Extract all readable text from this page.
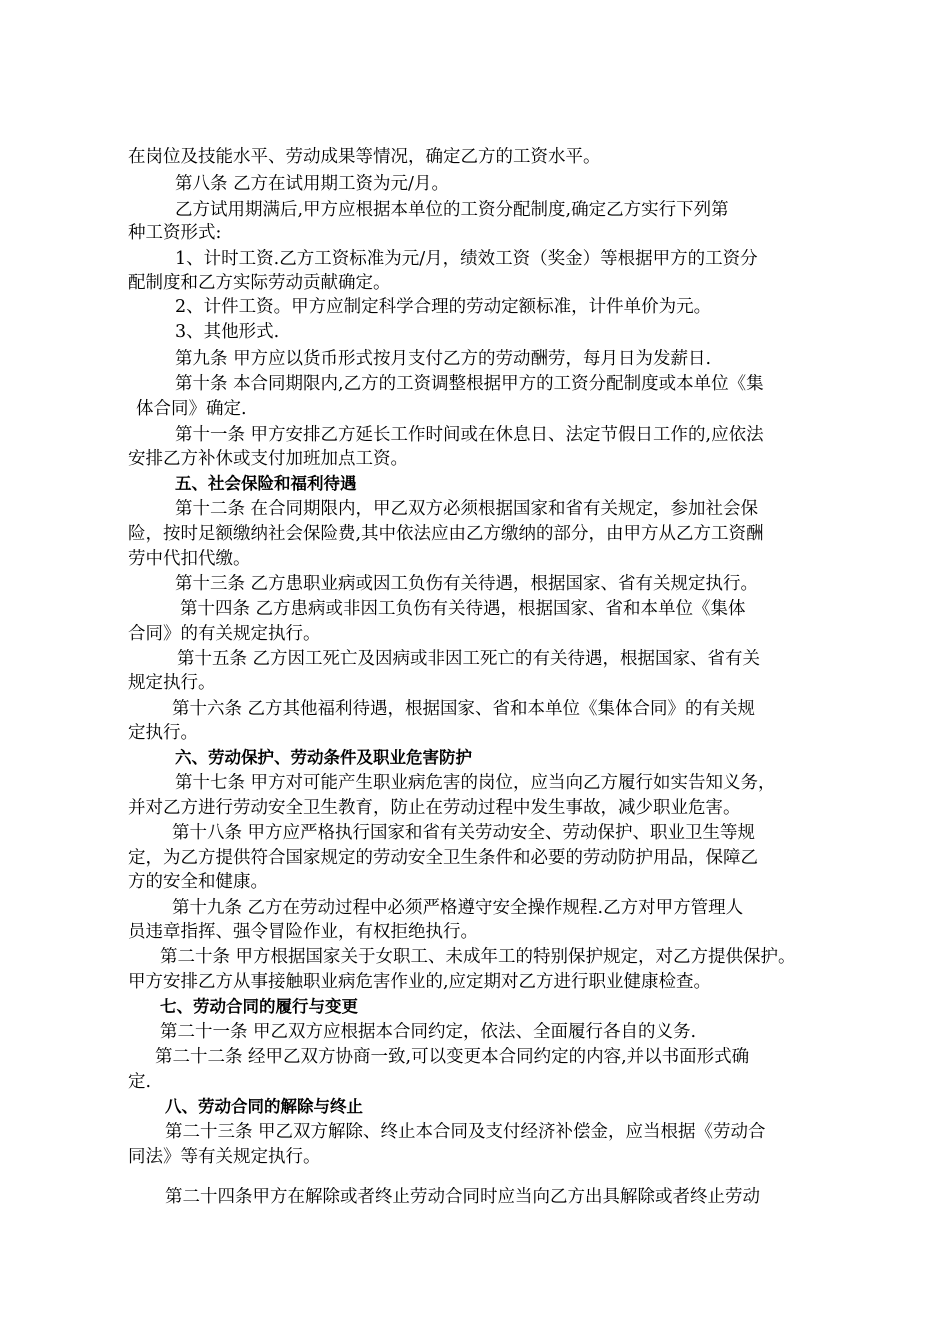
在岗位及技能水平、劳动成果等情况，确定乙方的工资水平。

第八条 乙方在试用期工资为元/月。

乙方试用期满后,甲方应根据本单位的工资分配制度,确定乙方实行下列第

种工资形式:

1、计时工资.乙方工资标准为元/月，绩效工资（奖金）等根据甲方的工资分

配制度和乙方实际劳动贡献确定。

2、计件工资。甲方应制定科学合理的劳动定额标准，计件单价为元。

3、其他形式.

第九条 甲方应以货币形式按月支付乙方的劳动酬劳，每月日为发薪日.

第十条 本合同期限内,乙方的工资调整根据甲方的工资分配制度或本单位《集

体合同》确定.

第十一条 甲方安排乙方延长工作时间或在休息日、法定节假日工作的,应依法

安排乙方补休或支付加班加点工资。

五、社会保险和福利待遇

第十二条 在合同期限内，甲乙双方必须根据国家和省有关规定，参加社会保

险，按时足额缴纳社会保险费,其中依法应由乙方缴纳的部分，由甲方从乙方工资酬

劳中代扣代缴。

第十三条 乙方患职业病或因工负伤有关待遇，根据国家、省有关规定执行。

第十四条 乙方患病或非因工负伤有关待遇，根据国家、省和本单位《集体

合同》的有关规定执行。

第十五条 乙方因工死亡及因病或非因工死亡的有关待遇，根据国家、省有关

规定执行。

第十六条 乙方其他福利待遇，根据国家、省和本单位《集体合同》的有关规

定执行。

六、劳动保护、劳动条件及职业危害防护

第十七条 甲方对可能产生职业病危害的岗位，应当向乙方履行如实告知义务，

并对乙方进行劳动安全卫生教育，防止在劳动过程中发生事故，减少职业危害。

第十八条 甲方应严格执行国家和省有关劳动安全、劳动保护、职业卫生等规

定，为乙方提供符合国家规定的劳动安全卫生条件和必要的劳动防护用品，保障乙

方的安全和健康。

第十九条 乙方在劳动过程中必须严格遵守安全操作规程.乙方对甲方管理人

员违章指挥、强令冒险作业，有权拒绝执行。

第二十条 甲方根据国家关于女职工、未成年工的特别保护规定，对乙方提供保护。

甲方安排乙方从事接触职业病危害作业的,应定期对乙方进行职业健康检查。

七、劳动合同的履行与变更

第二十一条 甲乙双方应根据本合同约定，依法、全面履行各自的义务.

第二十二条 经甲乙双方协商一致,可以变更本合同约定的内容,并以书面形式确

定.

八、劳动合同的解除与终止

第二十三条 甲乙双方解除、终止本合同及支付经济补偿金，应当根据《劳动合

同法》等有关规定执行。

第二十四条甲方在解除或者终止劳动合同时应当向乙方出具解除或者终止劳动
